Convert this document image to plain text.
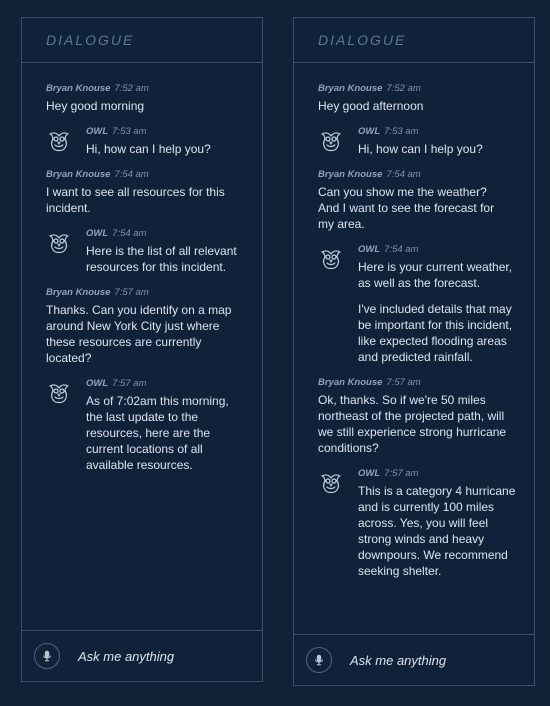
DIALOGUE
Bryan Knouse 7:52 am

Hey good morning

OWL 7:53 am

Hi, how can I help you?

Bryan Knouse 7:54 am

I want to see all resources for this incident.

OWL 7:54 am

Here is the list of all relevant resources for this incident.

Bryan Knouse 7:57 am

Thanks. Can you identify on a map around New York City just where these resources are currently located?

OWL 7:57 am

As of 7:02am this morning, the last update to the resources, here are the current locations of all available resources.

Ask me anything
DIALOGUE
Bryan Knouse 7:52 am

Hey good afternoon

OWL 7:53 am

Hi, how can I help you?

Bryan Knouse 7:54 am

Can you show me the weather? And I want to see the forecast for my area.

OWL 7:54 am

Here is your current weather, as well as the forecast.

I've included details that may be important for this incident, like expected flooding areas and predicted rainfall.

Bryan Knouse 7:57 am

Ok, thanks. So if we're 50 miles northeast of the projected path, will we still experience strong hurricane conditions?

OWL 7:57 am

This is a category 4 hurricane and is currently 100 miles across. Yes, you will feel strong winds and heavy downpours. We recommend seeking shelter.

Ask me anything
